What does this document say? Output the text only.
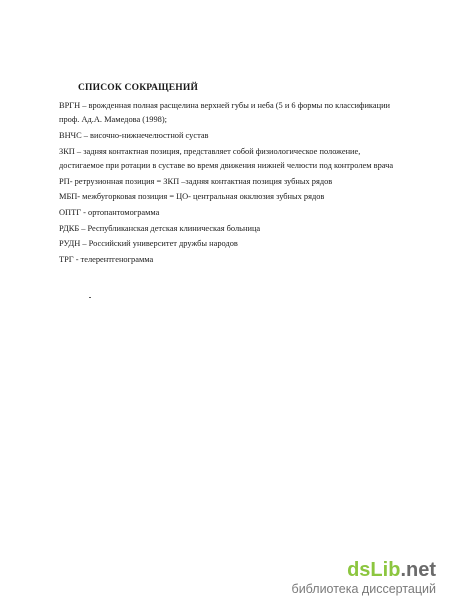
СПИСОК СОКРАЩЕНИЙ
ВРГН – врожденная полная расщелина верхней губы и неба (5 и 6 формы по классификации
проф. Ад.А. Мамедова (1998);
ВНЧС – височно-нижнечелюстной сустав
ЗКП – задняя контактная позиция, представляет собой физиологическое положение,
достигаемое при ротации в суставе во время движения нижней челюсти под контролем врача
РП- ретрузионная позиция = ЗКП –задняя контактная позиция зубных рядов
МБП- межбугорковая позиция = ЦО- центральная окклюзия зубных рядов
ОПТГ - ортопантомограмма
РДКБ – Республиканская детская клиническая больница
РУДН – Российский университет дружбы народов
ТРГ - телерентгенограмма
dsLib.net
библиотека диссертаций
